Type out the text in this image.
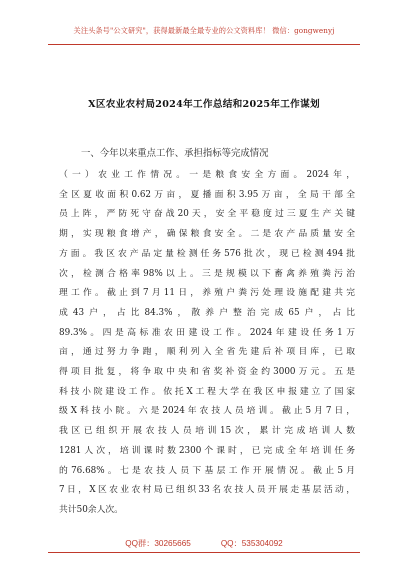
关注头条号"公文研究"，获得最新最全最专业的公文资料库！ 微信：gongwenyj
X区农业农村局2024年工作总结和2025年工作谋划
一、今年以来重点工作、承担指标等完成情况
（一）农业工作情况。一是粮食安全方面。2024年，
全区夏收面积0.62万亩，夏播面积3.95万亩，全局干部全
员上阵，严防死守奋战20天，安全平稳度过三夏生产关键
期，实现粮食增产，确保粮食安全。二是农产品质量安全
方面。我区农产品定量检测任务576批次，现已检测494批
次，检测合格率98%以上。三是规模以下畜禽养殖粪污治
理工作。截止到7月11日，养殖户粪污处理设施配建共完
成43户，占比84.3%，散养户整治完成65户，占比
89.3%。四是高标准农田建设工作。2024年建设任务1万
亩，通过努力争跑，顺利列入全省先建后补项目库，已取
得项目批复，将争取中央和省奖补资金约3000万元。五是
科技小院建设工作。依托X工程大学在我区申报建立了国家
级X科技小院。六是2024年农技人员培训。截止5月7日，
我区已组织开展农技人员培训15次，累计完成培训人数
1281人次，培训课时数2300个课时，已完成全年培训任务
的76.68%。七是农技人员下基层工作开展情况。截止5月
7日，X区农业农村局已组织33名农技人员开展走基层活动，
共计50余人次。
QQ群：30265665	QQ：535304092
